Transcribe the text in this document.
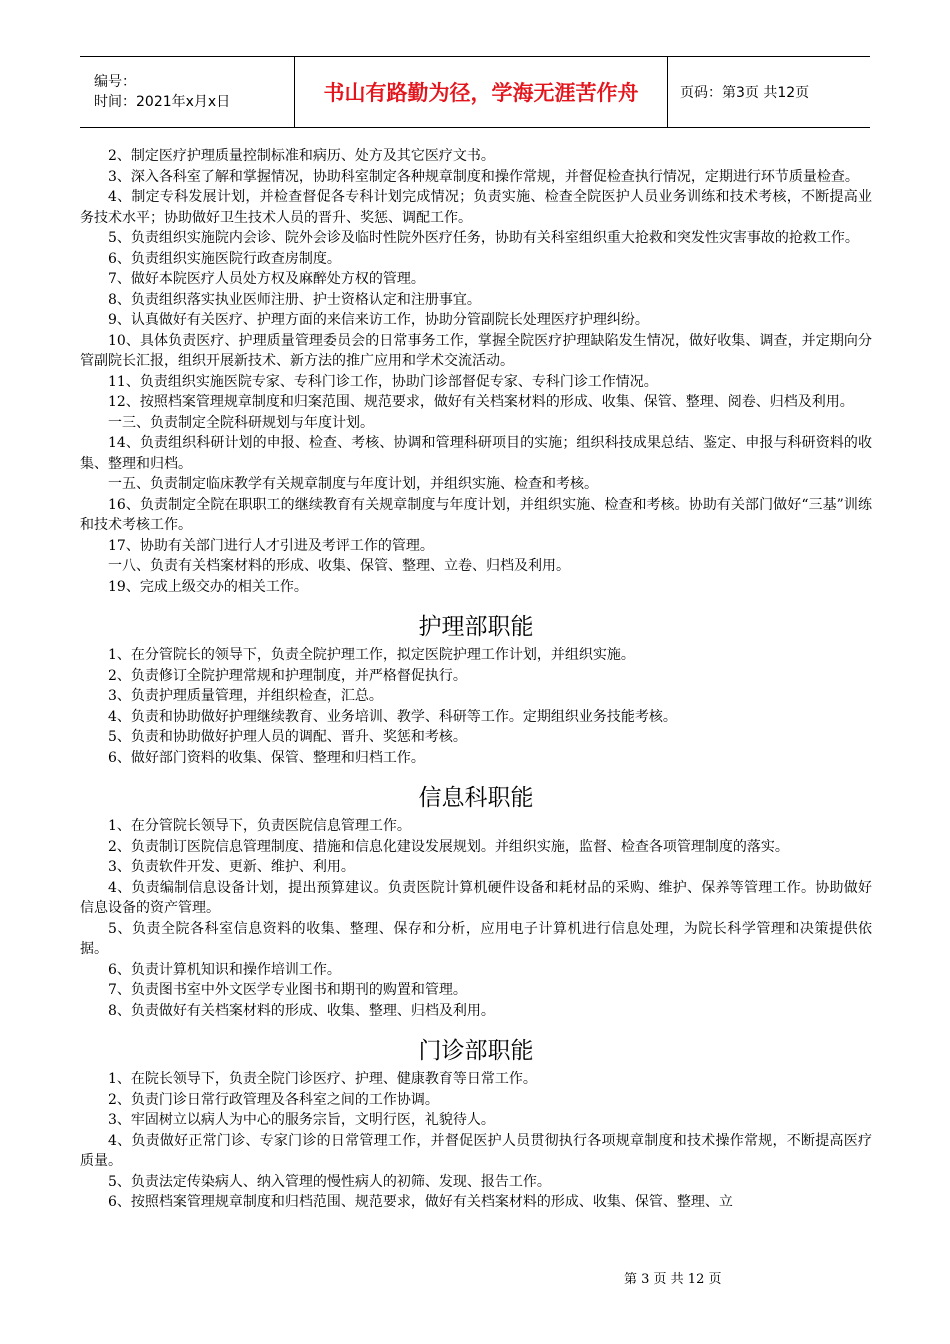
编号：
时间：2021年x月x日	书山有路勤为径，学海无涯苦作舟	页码：第3页 共12页

2、制定医疗护理质量控制标准和病历、处方及其它医疗文书。

3、深入各科室了解和掌握情况，协助科室制定各种规章制度和操作常规，并督促检查执行情况，定期进行环节质量检查。

4、制定专科发展计划，并检查督促各专科计划完成情况；负责实施、检查全院医护人员业务训练和技术考核，不断提高业务技术水平；协助做好卫生技术人员的晋升、奖惩、调配工作。

5、负责组织实施院内会诊、院外会诊及临时性院外医疗任务，协助有关科室组织重大抢救和突发性灾害事故的抢救工作。

6、负责组织实施医院行政查房制度。

7、做好本院医疗人员处方权及麻醉处方权的管理。

8、负责组织落实执业医师注册、护士资格认定和注册事宜。

9、认真做好有关医疗、护理方面的来信来访工作，协助分管副院长处理医疗护理纠纷。

10、具体负责医疗、护理质量管理委员会的日常事务工作，掌握全院医疗护理缺陷发生情况，做好收集、调查，并定期向分管副院长汇报，组织开展新技术、新方法的推广应用和学术交流活动。

11、负责组织实施医院专家、专科门诊工作，协助门诊部督促专家、专科门诊工作情况。

12、按照档案管理规章制度和归案范围、规范要求，做好有关档案材料的形成、收集、保管、整理、阅卷、归档及利用。

一三、负责制定全院科研规划与年度计划。

14、负责组织科研计划的申报、检查、考核、协调和管理科研项目的实施；组织科技成果总结、鉴定、申报与科研资料的收集、整理和归档。

一五、负责制定临床教学有关规章制度与年度计划，并组织实施、检查和考核。

16、负责制定全院在职职工的继续教育有关规章制度与年度计划，并组织实施、检查和考核。协助有关部门做好“三基”训练和技术考核工作。

17、协助有关部门进行人才引进及考评工作的管理。

一八、负责有关档案材料的形成、收集、保管、整理、立卷、归档及利用。

19、完成上级交办的相关工作。

护理部职能

1、在分管院长的领导下，负责全院护理工作，拟定医院护理工作计划，并组织实施。

2、负责修订全院护理常规和护理制度，并严格督促执行。

3、负责护理质量管理，并组织检查，汇总。

4、负责和协助做好护理继续教育、业务培训、教学、科研等工作。定期组织业务技能考核。

5、负责和协助做好护理人员的调配、晋升、奖惩和考核。

6、做好部门资料的收集、保管、整理和归档工作。

信息科职能

1、在分管院长领导下，负责医院信息管理工作。

2、负责制订医院信息管理制度、措施和信息化建设发展规划。并组织实施，监督、检查各项管理制度的落实。

3、负责软件开发、更新、维护、利用。

4、负责编制信息设备计划，提出预算建议。负责医院计算机硬件设备和耗材品的采购、维护、保养等管理工作。协助做好信息设备的资产管理。

5、负责全院各科室信息资料的收集、整理、保存和分析，应用电子计算机进行信息处理，为院长科学管理和决策提供依据。

6、负责计算机知识和操作培训工作。

7、负责图书室中外文医学专业图书和期刊的购置和管理。

8、负责做好有关档案材料的形成、收集、整理、归档及利用。

门诊部职能

1、在院长领导下，负责全院门诊医疗、护理、健康教育等日常工作。

2、负责门诊日常行政管理及各科室之间的工作协调。

3、牢固树立以病人为中心的服务宗旨，文明行医，礼貌待人。

4、负责做好正常门诊、专家门诊的日常管理工作，并督促医护人员贯彻执行各项规章制度和技术操作常规，不断提高医疗质量。

5、负责法定传染病人、纳入管理的慢性病人的初筛、发现、报告工作。

6、按照档案管理规章制度和归档范围、规范要求，做好有关档案材料的形成、收集、保管、整理、立

第 3 页 共 12 页
